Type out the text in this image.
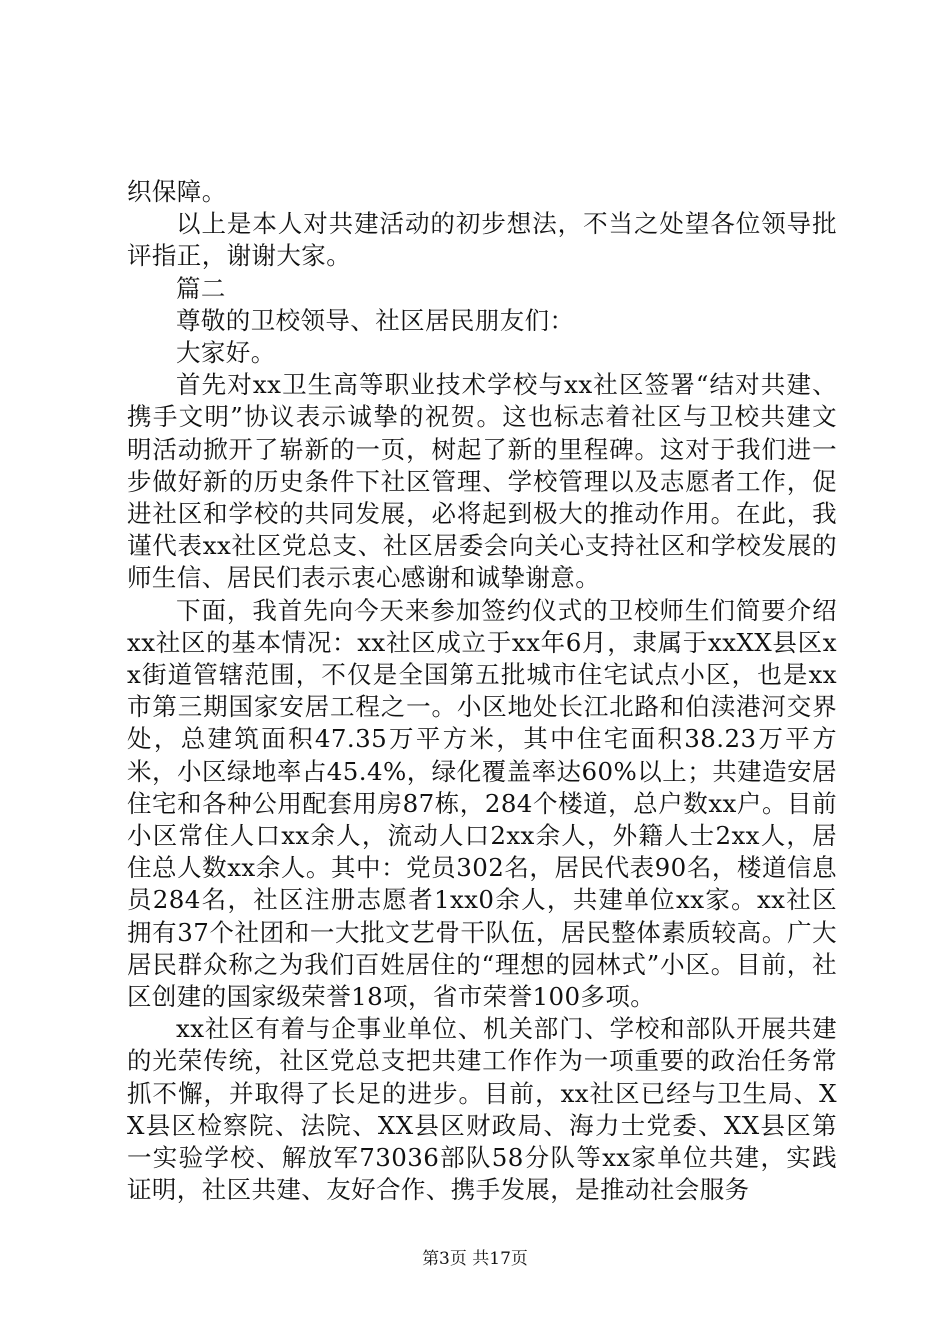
织保障。

以上是本人对共建活动的初步想法，不当之处望各位领导批评指正，谢谢大家。

篇二

尊敬的卫校领导、社区居民朋友们：

大家好。

首先对xx卫生高等职业技术学校与xx社区签署“结对共建、携手文明”协议表示诚挚的祝贺。这也标志着社区与卫校共建文明活动掀开了崭新的一页，树起了新的里程碑。这对于我们进一步做好新的历史条件下社区管理、学校管理以及志愿者工作，促进社区和学校的共同发展，必将起到极大的推动作用。在此，我谨代表xx社区党总支、社区居委会向关心支持社区和学校发展的师生信、居民们表示衷心感谢和诚挚谢意。

下面，我首先向今天来参加签约仪式的卫校师生们简要介绍xx社区的基本情况：xx社区成立于xx年6月，隶属于xxXX县区xx街道管辖范围，不仅是全国第五批城市住宅试点小区，也是xx市第三期国家安居工程之一。小区地处长江北路和伯渎港河交界处，总建筑面积47.35万平方米，其中住宅面积38.23万平方米，小区绿地率占45.4%，绿化覆盖率达60%以上；共建造安居住宅和各种公用配套用房87栋，284个楼道，总户数xx户。目前小区常住人口xx余人，流动人口2xx余人，外籍人士2xx人，居住总人数xx余人。其中：党员302名，居民代表90名，楼道信息员284名，社区注册志愿者1xx0余人，共建单位xx家。xx社区拥有37个社团和一大批文艺骨干队伍，居民整体素质较高。广大居民群众称之为我们百姓居住的“理想的园林式”小区。目前，社区创建的国家级荣誉18项，省市荣誉100多项。

xx社区有着与企事业单位、机关部门、学校和部队开展共建的光荣传统，社区党总支把共建工作作为一项重要的政治任务常抓不懈，并取得了长足的进步。目前，xx社区已经与卫生局、XX县区检察院、法院、XX县区财政局、海力士党委、XX县区第一实验学校、解放军73036部队58分队等xx家单位共建，实践证明，社区共建、友好合作、携手发展，是推动社会服务

第3页 共17页
